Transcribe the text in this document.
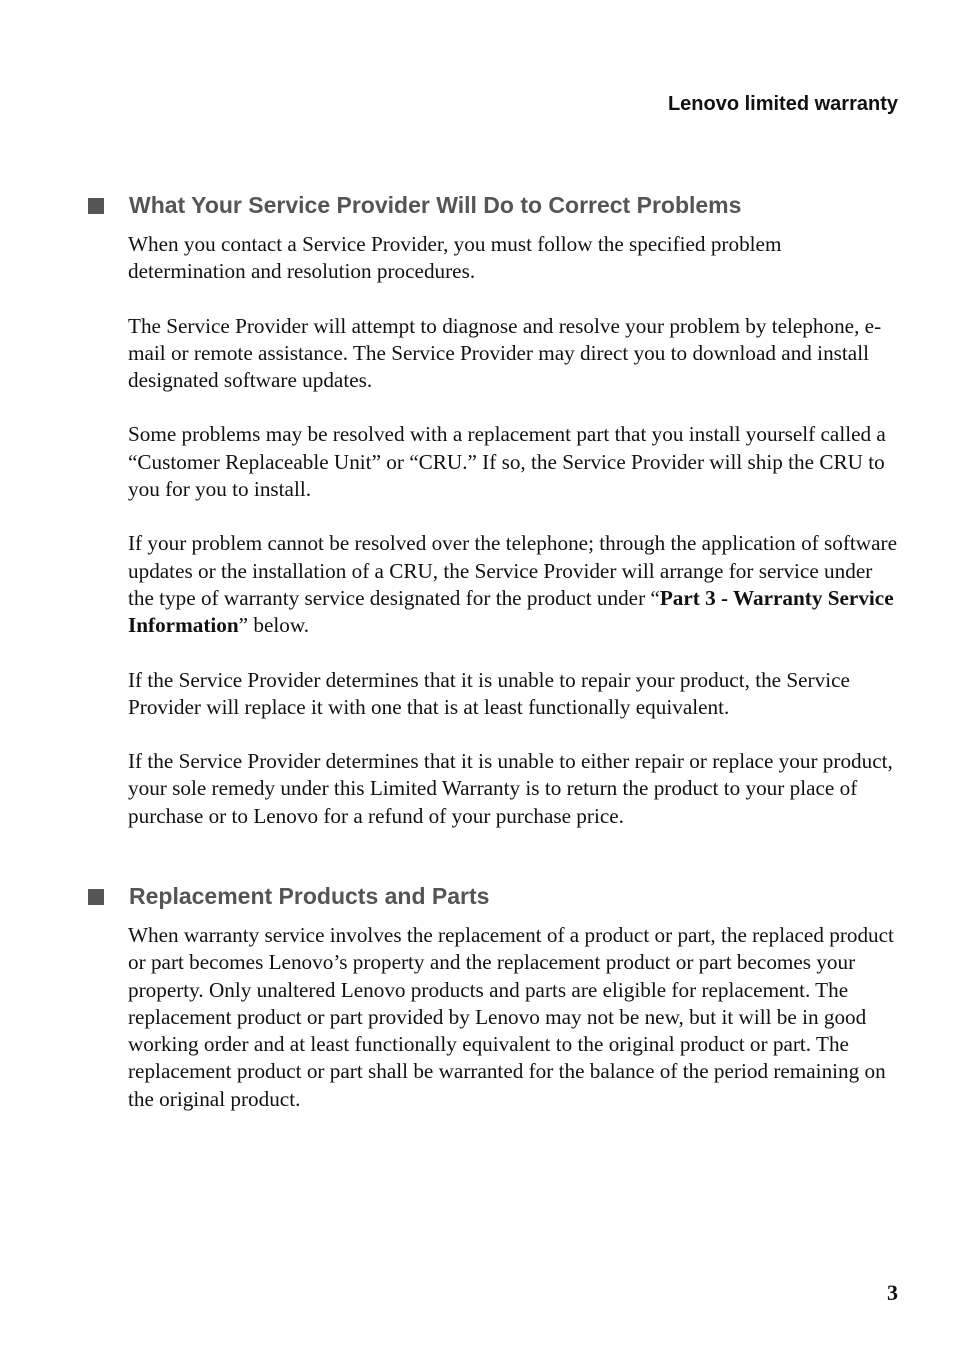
Lenovo limited warranty
What Your Service Provider Will Do to Correct Problems

When you contact a Service Provider, you must follow the specified problem determination and resolution procedures.

The Service Provider will attempt to diagnose and resolve your problem by telephone, e-mail or remote assistance. The Service Provider may direct you to download and install designated software updates.

Some problems may be resolved with a replacement part that you install yourself called a “Customer Replaceable Unit” or “CRU.” If so, the Service Provider will ship the CRU to you for you to install.

If your problem cannot be resolved over the telephone; through the application of software updates or the installation of a CRU, the Service Provider will arrange for service under the type of warranty service designated for the product under “Part 3 - Warranty Service Information” below.

If the Service Provider determines that it is unable to repair your product, the Service Provider will replace it with one that is at least functionally equivalent.

If the Service Provider determines that it is unable to either repair or replace your product, your sole remedy under this Limited Warranty is to return the product to your place of purchase or to Lenovo for a refund of your purchase price.

Replacement Products and Parts

When warranty service involves the replacement of a product or part, the replaced product or part becomes Lenovo’s property and the replacement product or part becomes your property. Only unaltered Lenovo products and parts are eligible for replacement. The replacement product or part provided by Lenovo may not be new, but it will be in good working order and at least functionally equivalent to the original product or part. The replacement product or part shall be warranted for the balance of the period remaining on the original product.

3
